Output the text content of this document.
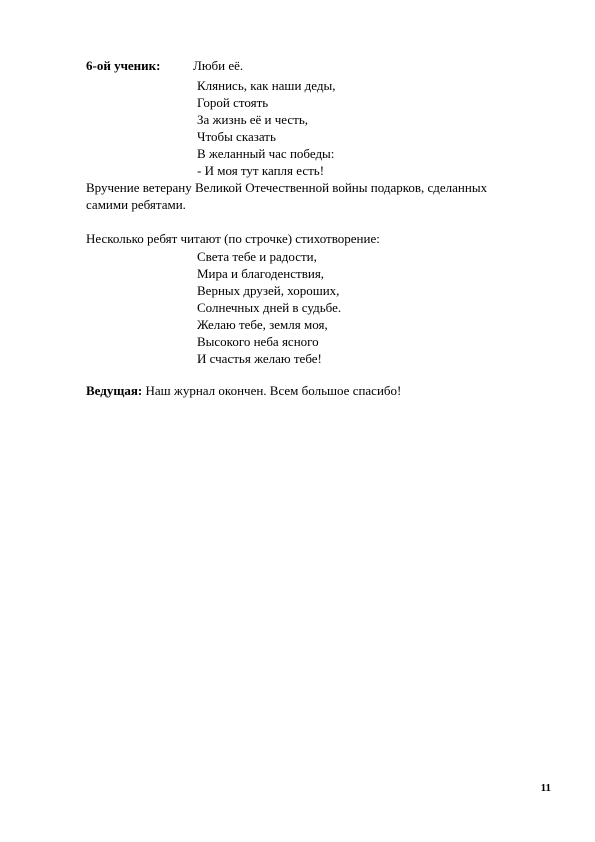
6-ой ученик:	Люби её.
Клянись, как наши деды,
Горой стоять
За жизнь её и честь,
Чтобы сказать
В желанный час победы:
- И моя тут капля есть!
Вручение ветерану Великой Отечественной войны подарков, сделанных
самими ребятами.
Несколько ребят читают (по строчке) стихотворение:
Света тебе и радости,
Мира и благоденствия,
Верных друзей, хороших,
Солнечных дней в судьбе.
Желаю тебе, земля моя,
Высокого неба ясного
И счастья желаю тебе!
Ведущая: Наш журнал окончен. Всем большое спасибо!
11
